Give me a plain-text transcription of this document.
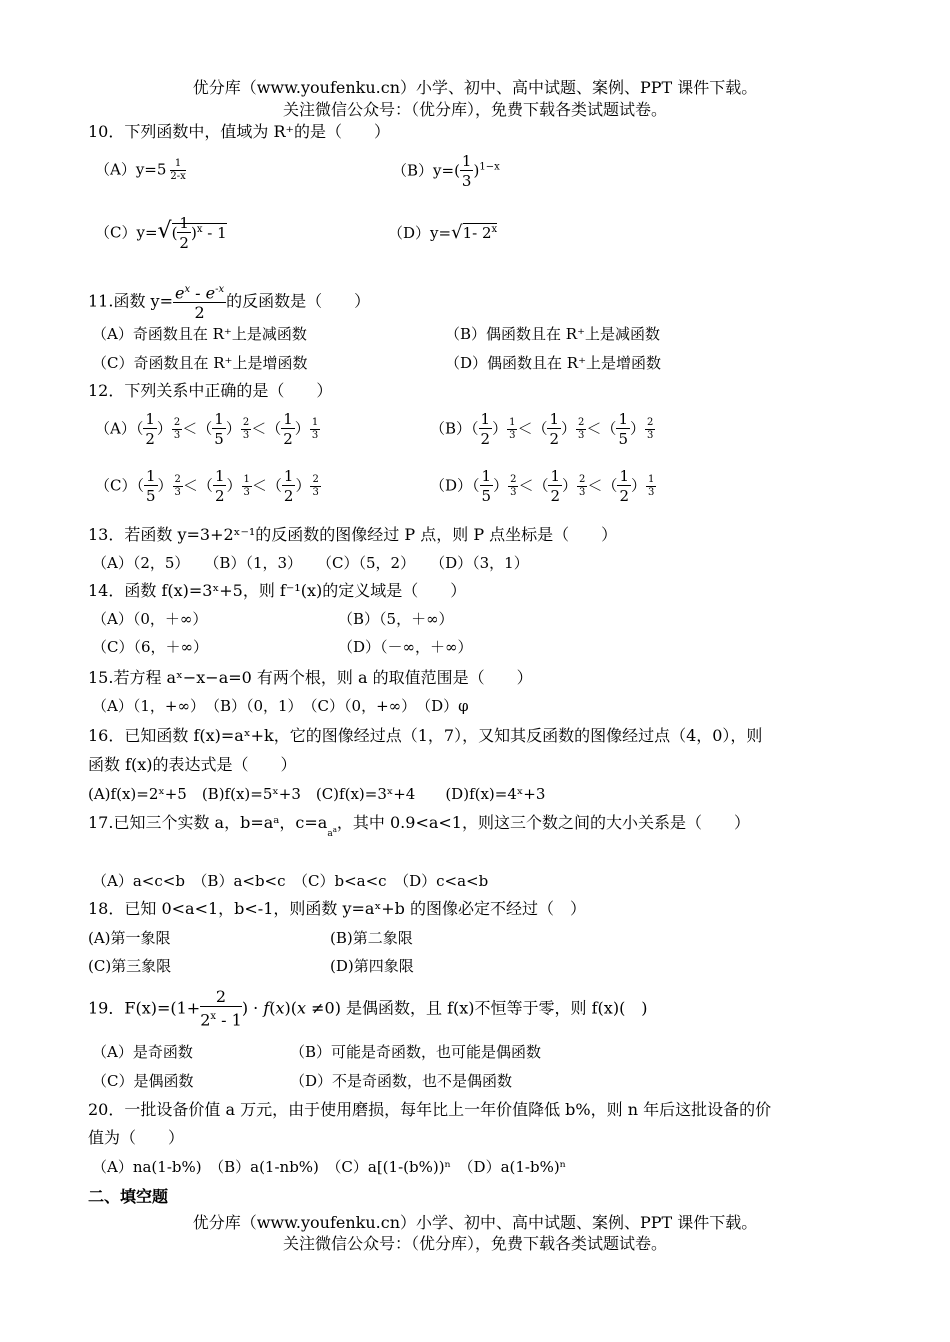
优分库（www.youfenku.cn）小学、初中、高中试题、案例、PPT 课件下载。
关注微信公众号：（优分库），免费下载各类试题试卷。
10．下列函数中，值域为 R⁺的是（　　）
$(A)y=5 \frac{1}{2-x}$	$(B)y=( \frac{1}{3} )^{1-x}$
$(C)y=√( \frac{1}{2} )^x - 1$	（D）y=√1- 2$^x$
11.函数 $y= \frac{e^x - e^{-x}}{2}$ 的反函数是（　　）
（A）奇函数且在 R⁺上是减函数	（B）偶函数且在 R⁺上是减函数
（C）奇函数且在 R⁺上是增函数	（D）偶函数且在 R⁺上是增函数
12．下列关系中正确的是（　　）
$(A)( \frac{1}{2}$ ） $\frac{2}{3}$ ＜（ $\frac{1}{5}$ ） $\frac{2}{3}$ ＜（ $\frac{1}{2}$ ） $\frac{1}{3}$	$(B)( \frac{1}{2}$ ） $\frac{1}{3}$ ＜（ $\frac{1}{2}$ ） $\frac{2}{3}$ ＜（ $\frac{1}{5}$ ） $\frac{2}{3}$
$(C)( \frac{1}{5}$ ） $\frac{2}{3}$ ＜（ $\frac{1}{2}$ ） $\frac{1}{3}$ ＜（ $\frac{1}{2}$ ） $\frac{2}{3}$	$(D)( \frac{1}{5}$ ） $\frac{2}{3}$ ＜（ $\frac{1}{2}$ ） $\frac{2}{3}$ ＜（ $\frac{1}{2}$ ） $\frac{1}{3}$
13．若函数 y=3+2ˣ⁻¹的反函数的图像经过 P 点，则 P 点坐标是（　　）
（A）（2，5）　　（B）（1，3）　　（C）（5，2）　　（D）（3，1）
14．函数 f(x)=3ˣ+5，则 f⁻¹(x)的定义域是（　　）
（A）（0，＋∞）	（B）（5，＋∞）
（C）（6，＋∞）	（D）（－∞，＋∞）
15.若方程 aˣ−x−a=0 有两个根，则 a 的取值范围是（　　）
（A）（1，+∞）　（B）（0，1）　（C）（0，+∞）　（D）φ
16．已知函数 f(x)=aˣ+k，它的图像经过点（1，7），又知其反函数的图像经过点（4，0），则
函数 f(x)的表达式是（　　）
(A)f(x)=2ˣ+5　(B)f(x)=5ˣ+3　(C)f(x)=3ˣ+4　　(D)f(x)=4ˣ+3
17.已知三个实数 a，b=aᵃ，$c=a_{a^a}$，其中 0.9<a<1，则这三个数之间的大小关系是（　　）
（A）a<c<b　（B）a<b<c　（C）b<a<c　（D）c<a<b
18．已知 0<a<1，b<-1，则函数 y=aˣ+b 的图像必定不经过（　）
(A)第一象限	(B)第二象限
(C)第三象限	(D)第四象限
19．$F(x)=(1+ \frac{2}{2^x - 1}$ ) · f(x)(x ≠0) 是偶函数，且 f(x)不恒等于零，则 f(x)(　)
（A）是奇函数	（B）可能是奇函数，也可能是偶函数
（C）是偶函数	（D）不是奇函数，也不是偶函数
20．一批设备价值 a 万元，由于使用磨损，每年比上一年价值降低 b%，则 n 年后这批设备的价
值为（　　）
（A）na(1-b%)　（B）a(1-nb%)　（C）a[(1-(b%))ⁿ　（D）a(1-b%)ⁿ
二、填空题
优分库（www.youfenku.cn）小学、初中、高中试题、案例、PPT 课件下载。
关注微信公众号：（优分库），免费下载各类试题试卷。
